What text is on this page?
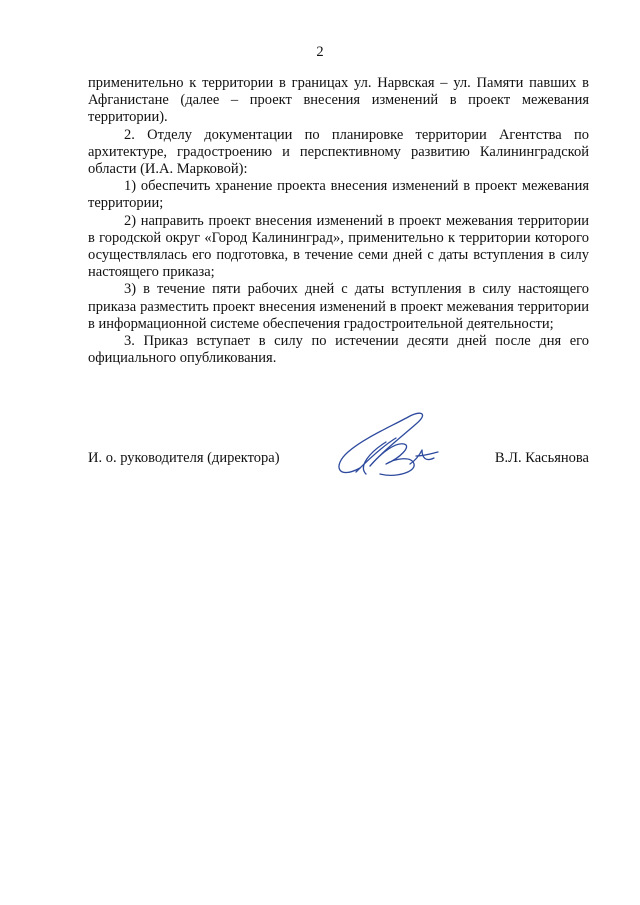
2

применительно к территории в границах ул. Нарвская – ул. Памяти павших в Афганистане (далее – проект внесения изменений в проект межевания территории).

2. Отделу документации по планировке территории Агентства по архитектуре, градостроению и перспективному развитию Калининградской области (И.А. Марковой):

1) обеспечить хранение проекта внесения изменений в проект межевания территории;

2) направить проект внесения изменений в проект межевания территории в городской округ «Город Калининград», применительно к территории которого осуществлялась его подготовка, в течение семи дней с даты вступления в силу настоящего приказа;

3) в течение пяти рабочих дней с даты вступления в силу настоящего приказа разместить проект внесения изменений в проект межевания территории в информационной системе обеспечения градостроительной деятельности;

3. Приказ вступает в силу по истечении десяти дней после дня его официального опубликования.

И. о. руководителя (директора)	В.Л. Касьянова
